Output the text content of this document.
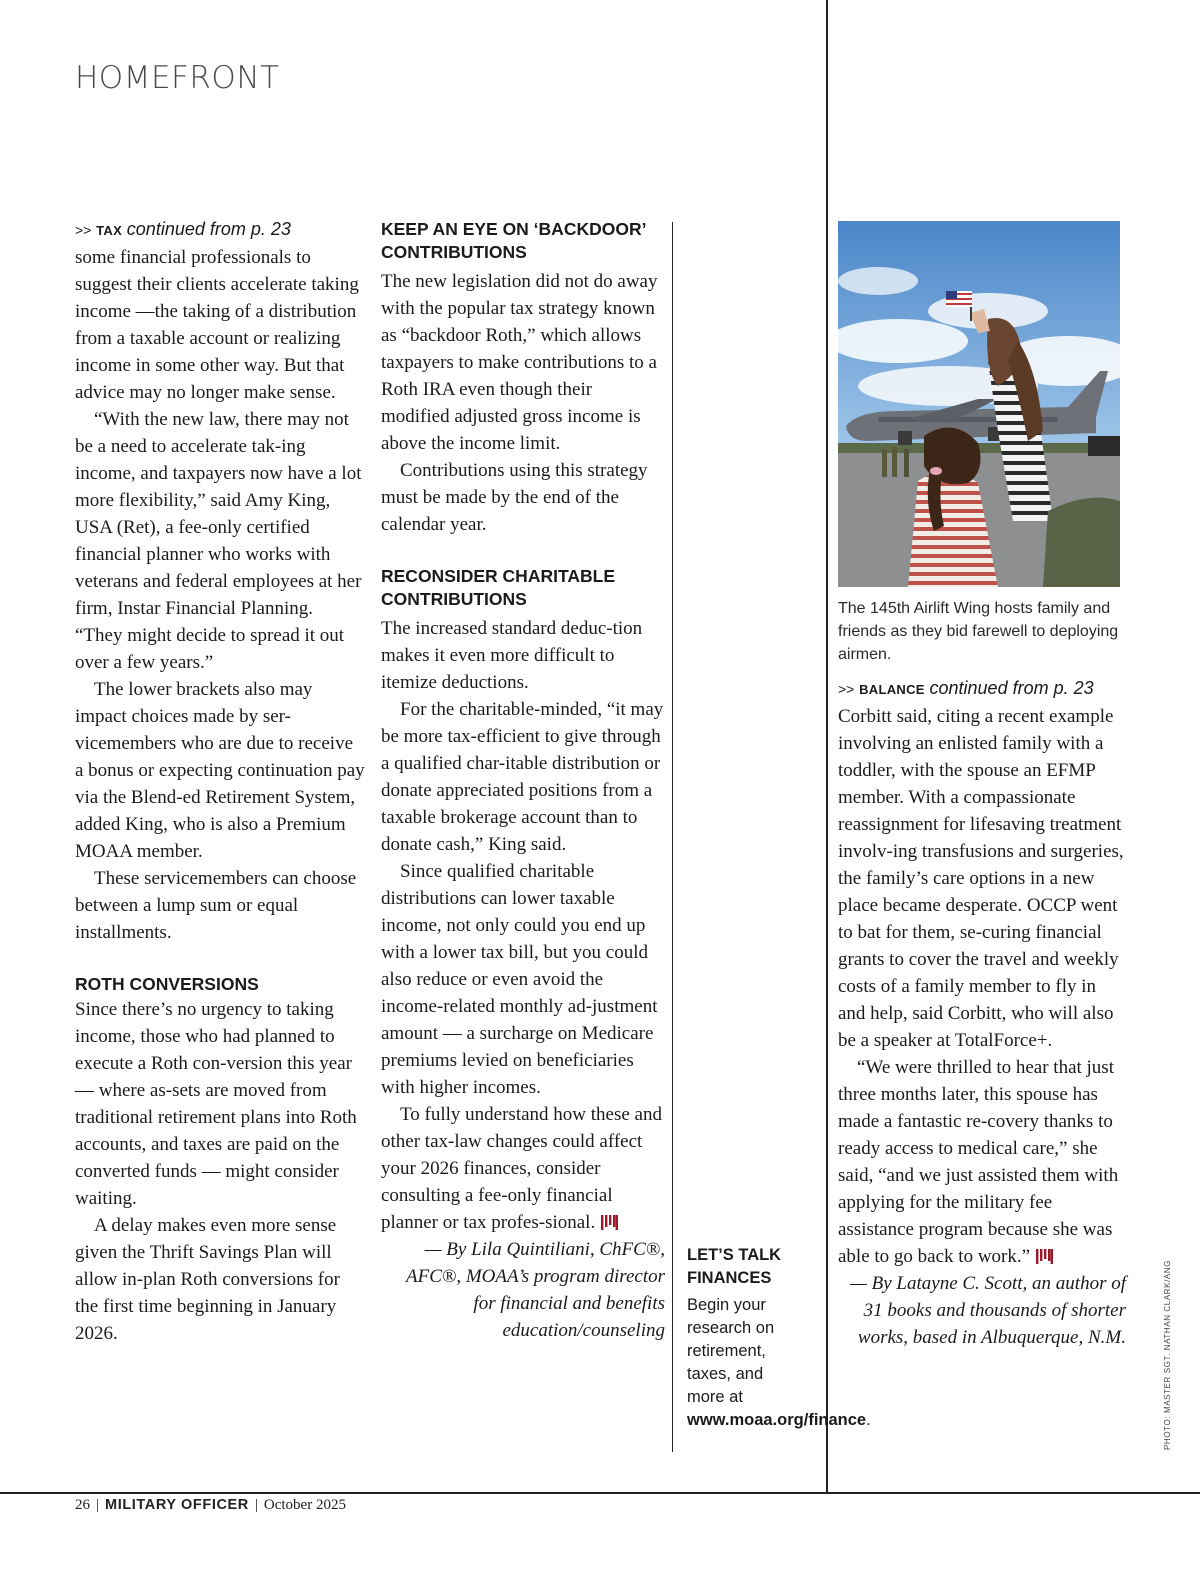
HOMEFRONT

>> TAX continued from p. 23

some financial professionals to suggest their clients accelerate taking income —the taking of a distribution from a taxable account or realizing income in some other way. But that advice may no longer make sense.

“With the new law, there may not be a need to accelerate tak-ing income, and taxpayers now have a lot more flexibility,” said Amy King, USA (Ret), a fee-only certified financial planner who works with veterans and federal employees at her firm, Instar Financial Planning. “They might decide to spread it out over a few years.”

The lower brackets also may impact choices made by ser-vicemembers who are due to receive a bonus or expecting continuation pay via the Blend-ed Retirement System, added King, who is also a Premium MOAA member.

These servicemembers can choose between a lump sum or equal installments.

ROTH CONVERSIONS

Since there’s no urgency to taking income, those who had planned to execute a Roth con-version this year — where as-sets are moved from traditional retirement plans into Roth accounts, and taxes are paid on the converted funds — might consider waiting.

A delay makes even more sense given the Thrift Savings Plan will allow in-plan Roth conversions for the first time beginning in January 2026.

KEEP AN EYE ON ‘BACKDOOR’ CONTRIBUTIONS

The new legislation did not do away with the popular tax strategy known as “backdoor Roth,” which allows taxpayers to make contributions to a Roth IRA even though their modified adjusted gross income is above the income limit.

Contributions using this strategy must be made by the end of the calendar year.

RECONSIDER CHARITABLE CONTRIBUTIONS

The increased standard deduc-tion makes it even more difficult to itemize deductions.

For the charitable-minded, “it may be more tax-efficient to give through a qualified char-itable distribution or donate appreciated positions from a taxable brokerage account than to donate cash,” King said.

Since qualified charitable distributions can lower taxable income, not only could you end up with a lower tax bill, but you could also reduce or even avoid the income-related monthly ad-justment amount — a surcharge on Medicare premiums levied on beneficiaries with higher incomes.

To fully understand how these and other tax-law changes could affect your 2026 finances, consider consulting a fee-only financial planner or tax profes-sional.

— By Lila Quintiliani, ChFC®, AFC®, MOAA’s program director for financial and benefits education/counseling

LET’S TALK FINANCES

Begin your research on retirement, taxes, and more at www.moaa.org/finance.

The 145th Airlift Wing hosts family and friends as they bid farewell to deploying airmen.

>> BALANCE continued from p. 23

Corbitt said, citing a recent example involving an enlisted family with a toddler, with the spouse an EFMP member. With a compassionate reassignment for lifesaving treatment involv-ing transfusions and surgeries, the family’s care options in a new place became desperate. OCCP went to bat for them, se-curing financial grants to cover the travel and weekly costs of a family member to fly in and help, said Corbitt, who will also be a speaker at TotalForce+.

“We were thrilled to hear that just three months later, this spouse has made a fantastic re-covery thanks to ready access to medical care,” she said, “and we just assisted them with applying for the military fee assistance program because she was able to go back to work.”

— By Latayne C. Scott, an author of 31 books and thousands of shorter works, based in Albuquerque, N.M.	PHOTO: MASTER SGT. NATHAN CLARK/ANG
26 | MILITARY OFFICER | October 2025
